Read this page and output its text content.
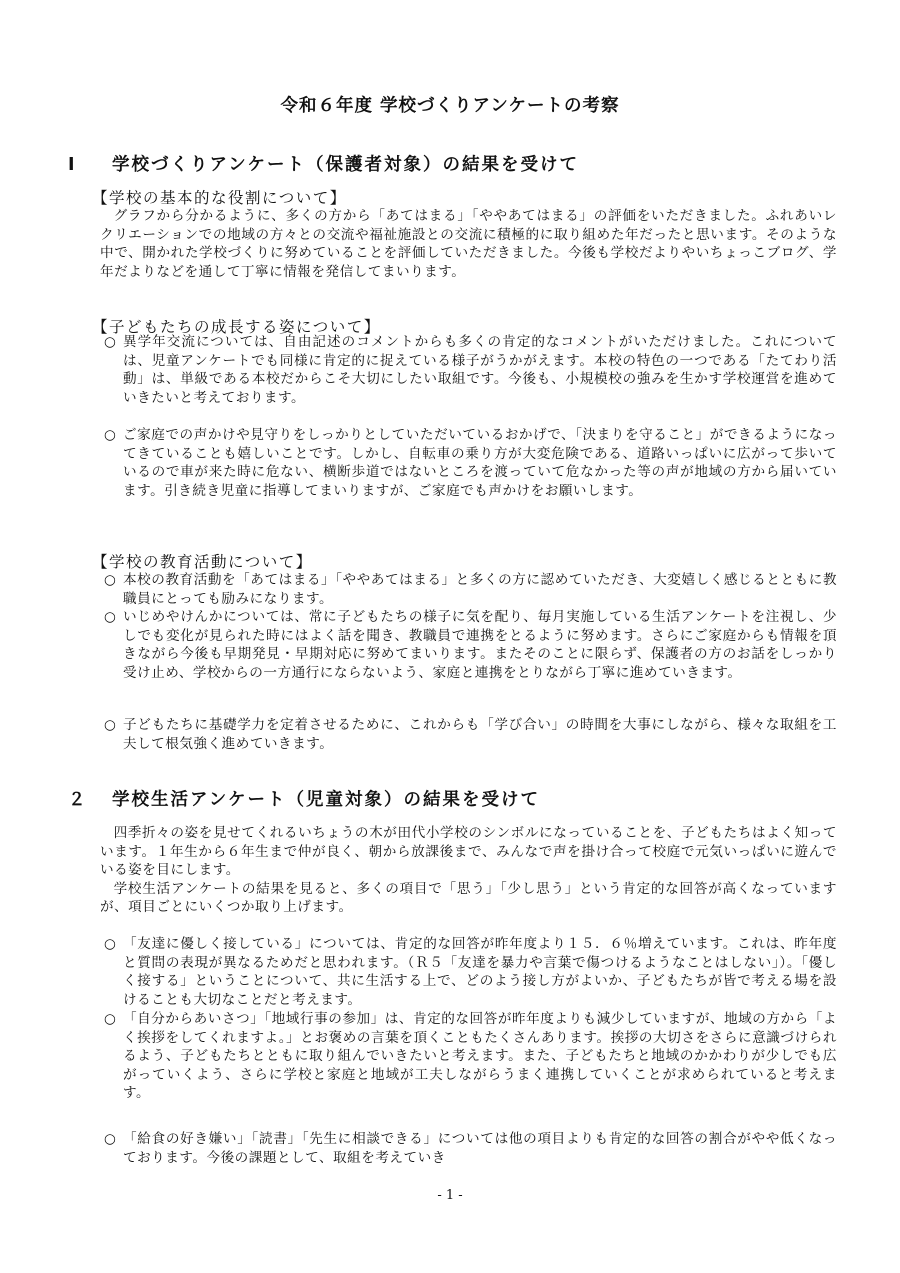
令和６年度 学校づくりアンケートの考察
Ⅰ 学校づくりアンケート（保護者対象）の結果を受けて
【学校の基本的な役割について】

グラフから分かるように、多くの方から「あてはまる」「ややあてはまる」の評価をいただきました。ふれあいレクリエーションでの地域の方々との交流や福祉施設との交流に積極的に取り組めた年だったと思います。そのような中で、開かれた学校づくりに努めていることを評価していただきました。今後も学校だよりやいちょっこブログ、学年だよりなどを通して丁寧に情報を発信してまいります。

【子どもたちの成長する姿について】
○ 異学年交流については、自由記述のコメントからも多くの肯定的なコメントがいただけました。これについては、児童アンケートでも同様に肯定的に捉えている様子がうかがえます。本校の特色の一つである「たてわり活動」は、単級である本校だからこそ大切にしたい取組です。今後も、小規模校の強みを生かす学校運営を進めていきたいと考えております。
○ ご家庭での声かけや見守りをしっかりとしていただいているおかげで、「決まりを守ること」ができるようになってきていることも嬉しいことです。しかし、自転車の乗り方が大変危険である、道路いっぱいに広がって歩いているので車が来た時に危ない、横断歩道ではないところを渡っていて危なかった等の声が地域の方から届いています。引き続き児童に指導してまいりますが、ご家庭でも声かけをお願いします。
【学校の教育活動について】
○ 本校の教育活動を「あてはまる」「ややあてはまる」と多くの方に認めていただき、大変嬉しく感じるとともに教職員にとっても励みになります。
○ いじめやけんかについては、常に子どもたちの様子に気を配り、毎月実施している生活アンケートを注視し、少しでも変化が見られた時にはよく話を聞き、教職員で連携をとるように努めます。さらにご家庭からも情報を頂きながら今後も早期発見・早期対応に努めてまいります。またそのことに限らず、保護者の方のお話をしっかり受け止め、学校からの一方通行にならないよう、家庭と連携をとりながら丁寧に進めていきます。
○ 子どもたちに基礎学力を定着させるために、これからも「学び合い」の時間を大事にしながら、様々な取組を工夫して根気強く進めていきます。
２ 学校生活アンケート（児童対象）の結果を受けて

四季折々の姿を見せてくれるいちょうの木が田代小学校のシンボルになっていることを、子どもたちはよく知っています。１年生から６年生まで仲が良く、朝から放課後まで、みんなで声を掛け合って校庭で元気いっぱいに遊んでいる姿を目にします。

学校生活アンケートの結果を見ると、多くの項目で「思う」「少し思う」という肯定的な回答が高くなっていますが、項目ごとにいくつか取り上げます。

○ 「友達に優しく接している」については、肯定的な回答が昨年度より１５．６％増えています。これは、昨年度と質問の表現が異なるためだと思われます。（Ｒ５「友達を暴力や言葉で傷つけるようなことはしない」）。「優しく接する」ということについて、共に生活する上で、どのよう接し方がよいか、子どもたちが皆で考える場を設けることも大切なことだと考えます。
○ 「自分からあいさつ」「地域行事の参加」は、肯定的な回答が昨年度よりも減少していますが、地域の方から「よく挨拶をしてくれますよ。」とお褒めの言葉を頂くこともたくさんあります。挨拶の大切さをさらに意識づけられるよう、子どもたちとともに取り組んでいきたいと考えます。また、子どもたちと地域のかかわりが少しでも広がっていくよう、さらに学校と家庭と地域が工夫しながらうまく連携していくことが求められていると考えます。
○ 「給食の好き嫌い」「読書」「先生に相談できる」については他の項目よりも肯定的な回答の割合がやや低くなっております。今後の課題として、取組を考えていき
- 1 -
